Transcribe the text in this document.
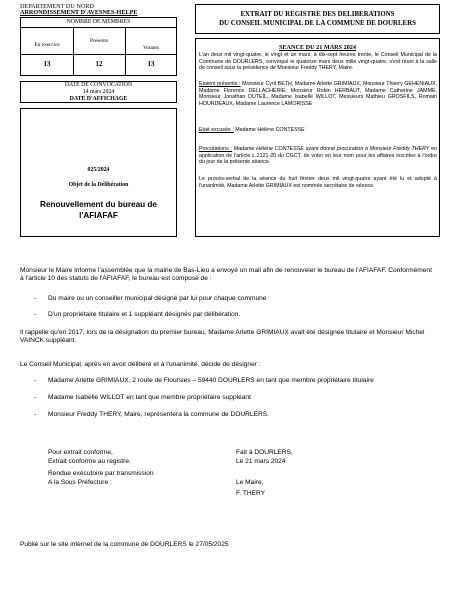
DEPARTEMENT DU NORD
ARRONDISSEMENT D'AVESNES-HELPE
NOMBRE DE MEMBRES
En exercice
Présents
Votants
13	12	13
DATE DE CONVOCATION
14 mars 2024
DATE D'AFFICHAGE
025/2024
Objet de la Délibération
Renouvellement du bureau de
l'AFIAFAF
EXTRAIT DU REGISTRE DES DELIBERATIONS
DU CONSEIL MUNICIPAL DE LA COMMUNE DE DOURLERS
SEANCE DU 21 MARS 2024
L'an deux mil vingt-quatre, le vingt et un mars, à dix-sept heures trente, le Conseil Municipal de la Commune de DOURLERS, convoqué le quatorze mars deux mille vingt-quatre, s'est réuni à la salle de conseil sous la présidence de Monsieur Freddy THERY, Maire.
Etaient présents : Monsieur Cyril BETH, Madame Arlette GRIMIAUX, Monsieur Thierry GEHENIAUX, Madame Florence DELLACHERIE, Monsieur Robin HERBAUT, Madame Catherine JAMME, Monsieur Jonathan DUTEIL, Madame Isabelle WILLOT, Messieurs Mathieu GROSFILS, Romain HOURDEAUX, Madame Laurence LAMORISSE
Etait excusée : Madame Hélène CONTESSE
Procurations : Madame Hélène CONTESSE ayant donné procuration à Monsieur Freddy THERY en application de l'article L.2121-20 du CGCT, de voter en leur nom pour les affaires inscrites à l'ordre du jour de la présente séance.
Le procès-verbal de la séance du huit février deux mil vingt-quatre ayant été lu et adopté à l'unanimité, Madame Arlette GRIMIAUX est nommée secrétaire de séance.
Monsieur le Maire informe l'assemblée que la mairie de Bas-Lieu a envoyé un mail afin de renouveler le bureau de l'AFIAFAF. Conformément à l'article 10 des statuts de l'AFIAFAF, le bureau est composé de :
- Du maire ou un conseiller municipal désigné par lui pour chaque commune
- D'un propriétaire titulaire et 1 suppléant désignés par délibération.
Il rappelle qu'en 2017, lors de la désignation du premier bureau, Madame Arlette GRIMIAUX avait été désignée titulaire et Monsieur Michel VAINCK suppléant.
Le Conseil Municipal, après en avoir délibéré et à l'unanimité, décide de désigner :
- Madame Arlette GRIMIAUX, 2 route de Floursies – 59440 DOURLERS en tant que membre propriétaire titulaire
- Madame Isabelle WILLOT en tant que membre propriétaire suppléant
- Monsieur Freddy THERY, Maire, représentera la commune de DOURLERS.
Pour extrait conforme,
Extrait conforme au registre.
Rendue exécutoire par transmission
A la Sous Préfecture :
Fait à DOURLERS,
Le 21 mars 2024
Le Maire,
F. THERY
Publié sur le site internet de la commune de DOURLERS le 27/05/2025
